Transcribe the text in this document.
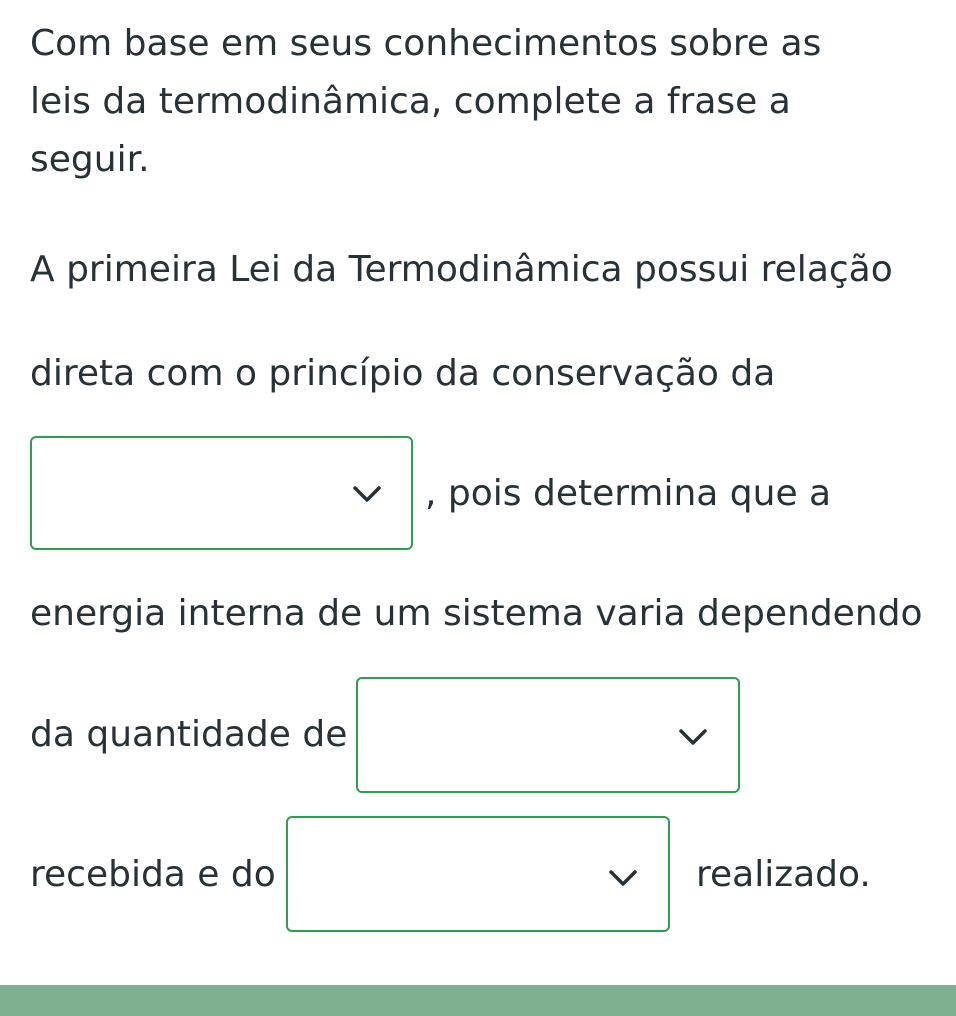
Com base em seus conhecimentos sobre as
leis da termodinâmica, complete a frase a
seguir.
A primeira Lei da Termodinâmica possui relação
direta com o princípio da conservação da
, pois determina que a
energia interna de um sistema varia dependendo
da quantidade de
recebida e do	realizado.
